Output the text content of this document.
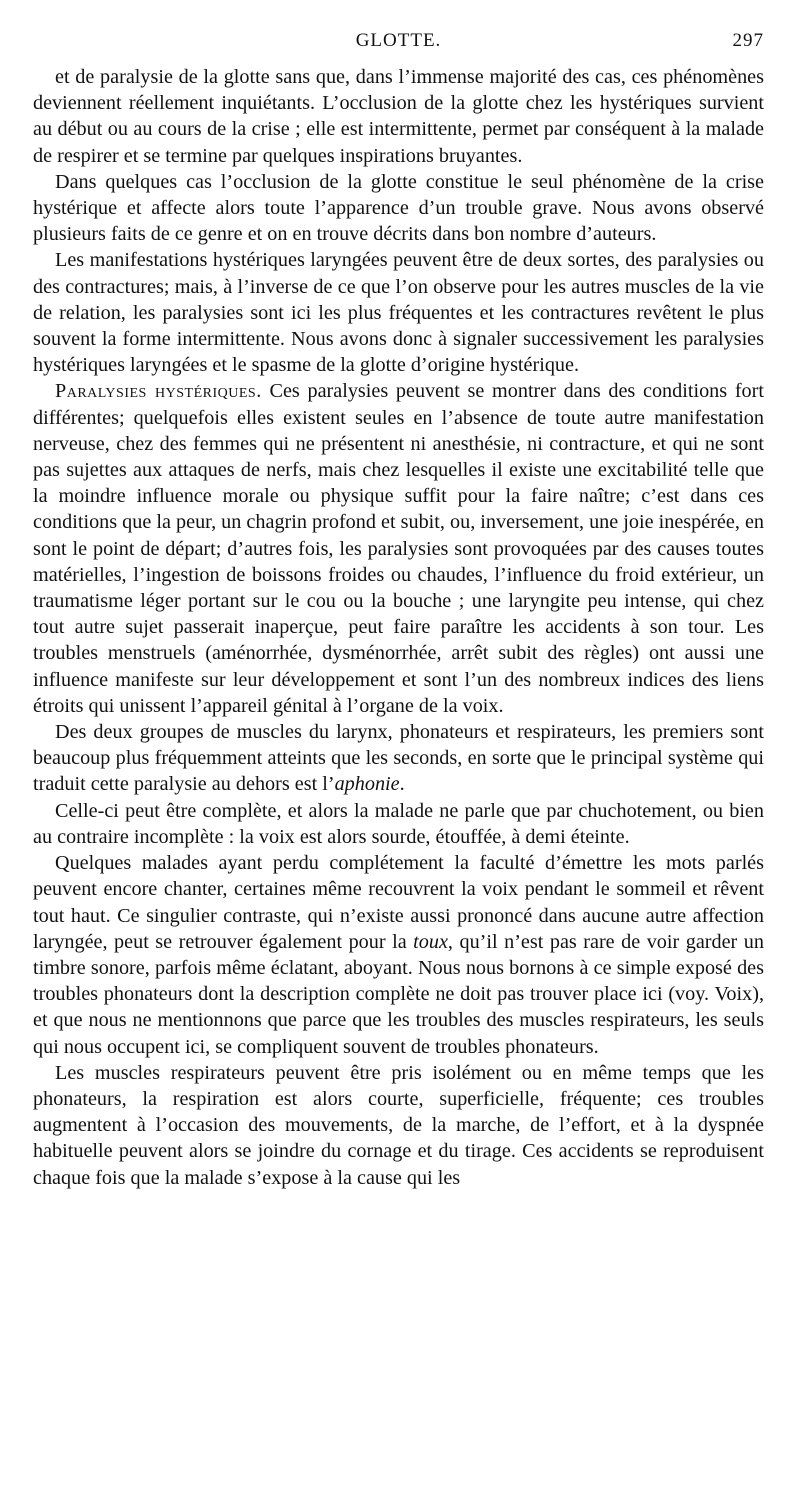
GLOTTE.	297

et de paralysie de la glotte sans que, dans l’immense majorité des cas, ces phénomènes deviennent réellement inquiétants. L’occlusion de la glotte chez les hystériques survient au début ou au cours de la crise ; elle est intermittente, permet par conséquent à la malade de respirer et se termine par quelques inspirations bruyantes.

Dans quelques cas l’occlusion de la glotte constitue le seul phénomène de la crise hystérique et affecte alors toute l’apparence d’un trouble grave. Nous avons observé plusieurs faits de ce genre et on en trouve décrits dans bon nombre d’auteurs.

Les manifestations hystériques laryngées peuvent être de deux sortes, des paralysies ou des contractures; mais, à l’inverse de ce que l’on observe pour les autres muscles de la vie de relation, les paralysies sont ici les plus fréquentes et les contractures revêtent le plus souvent la forme intermittente. Nous avons donc à signaler successivement les paralysies hystériques laryngées et le spasme de la glotte d’origine hystérique.

Paralysies hystériques. Ces paralysies peuvent se montrer dans des conditions fort différentes; quelquefois elles existent seules en l’absence de toute autre manifestation nerveuse, chez des femmes qui ne présentent ni anesthésie, ni contracture, et qui ne sont pas sujettes aux attaques de nerfs, mais chez lesquelles il existe une excitabilité telle que la moindre influence morale ou physique suffit pour la faire naître; c’est dans ces conditions que la peur, un chagrin profond et subit, ou, inversement, une joie inespérée, en sont le point de départ; d’autres fois, les paralysies sont provoquées par des causes toutes matérielles, l’ingestion de boissons froides ou chaudes, l’influence du froid extérieur, un traumatisme léger portant sur le cou ou la bouche ; une laryngite peu intense, qui chez tout autre sujet passerait inaperçue, peut faire paraître les accidents à son tour. Les troubles menstruels (aménorrhée, dysménorrhée, arrêt subit des règles) ont aussi une influence manifeste sur leur développement et sont l’un des nombreux indices des liens étroits qui unissent l’appareil génital à l’organe de la voix.

Des deux groupes de muscles du larynx, phonateurs et respirateurs, les premiers sont beaucoup plus fréquemment atteints que les seconds, en sorte que le principal système qui traduit cette paralysie au dehors est l’aphonie.

Celle-ci peut être complète, et alors la malade ne parle que par chuchotement, ou bien au contraire incomplète : la voix est alors sourde, étouffée, à demi éteinte.

Quelques malades ayant perdu complétement la faculté d’émettre les mots parlés peuvent encore chanter, certaines même recouvrent la voix pendant le sommeil et rêvent tout haut. Ce singulier contraste, qui n’existe aussi prononcé dans aucune autre affection laryngée, peut se retrouver également pour la toux, qu’il n’est pas rare de voir garder un timbre sonore, parfois même éclatant, aboyant. Nous nous bornons à ce simple exposé des troubles phonateurs dont la description complète ne doit pas trouver place ici (voy. Voix), et que nous ne mentionnons que parce que les troubles des muscles respirateurs, les seuls qui nous occupent ici, se compliquent souvent de troubles phonateurs.

Les muscles respirateurs peuvent être pris isolément ou en même temps que les phonateurs, la respiration est alors courte, superficielle, fréquente; ces troubles augmentent à l’occasion des mouvements, de la marche, de l’effort, et à la dyspnée habituelle peuvent alors se joindre du cornage et du tirage. Ces accidents se reproduisent chaque fois que la malade s’expose à la cause qui les
